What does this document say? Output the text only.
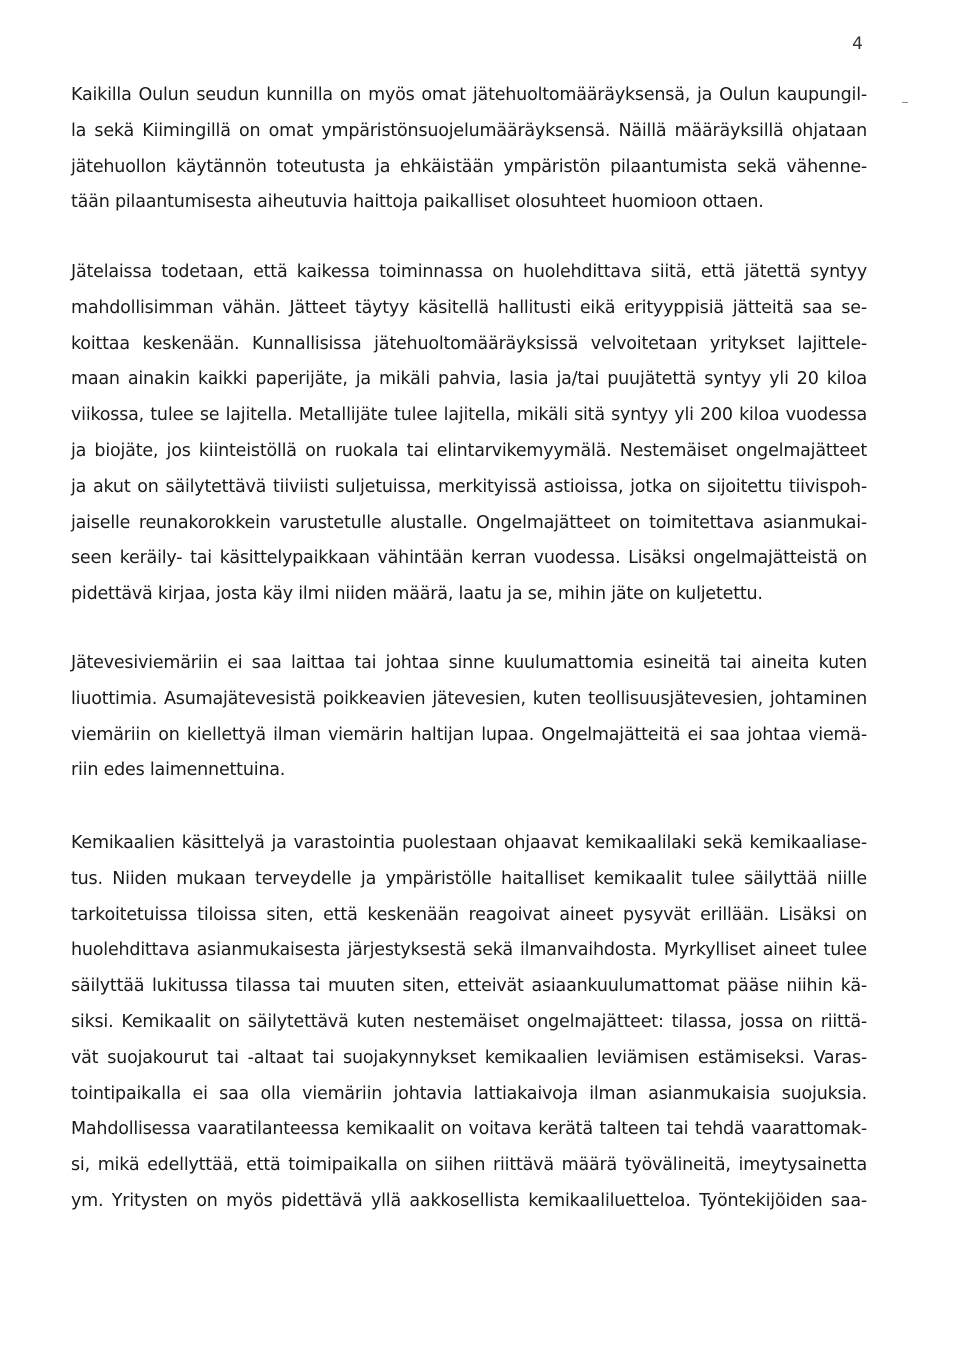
4
Kaikilla Oulun seudun kunnilla on myös omat jätehuoltomääräyksensä, ja Oulun kaupungil-
la sekä Kiimingillä on omat ympäristönsuojelumääräyksensä. Näillä määräyksillä ohjataan
jätehuollon käytännön toteutusta ja ehkäistään ympäristön pilaantumista sekä vähenne-
tään pilaantumisesta aiheutuvia haittoja paikalliset olosuhteet huomioon ottaen.
Jätelaissa todetaan, että kaikessa toiminnassa on huolehdittava siitä, että jätettä syntyy
mahdollisimman vähän. Jätteet täytyy käsitellä hallitusti eikä erityyppisiä jätteitä saa se-
koittaa keskenään. Kunnallisissa jätehuoltomääräyksissä velvoitetaan yritykset lajittele-
maan ainakin kaikki paperijäte, ja mikäli pahvia, lasia ja/tai puujätettä syntyy yli 20 kiloa
viikossa, tulee se lajitella. Metallijäte tulee lajitella, mikäli sitä syntyy yli 200 kiloa vuodessa
ja biojäte, jos kiinteistöllä on ruokala tai elintarvikemyymälä. Nestemäiset ongelmajätteet
ja akut on säilytettävä tiiviisti suljetuissa, merkityissä astioissa, jotka on sijoitettu tiivispoh-
jaiselle reunakorokkein varustetulle alustalle. Ongelmajätteet on toimitettava asianmukai-
seen keräily- tai käsittelypaikkaan vähintään kerran vuodessa. Lisäksi ongelmajätteistä on
pidettävä kirjaa, josta käy ilmi niiden määrä, laatu ja se, mihin jäte on kuljetettu.
Jätevesiviemäriin ei saa laittaa tai johtaa sinne kuulumattomia esineitä tai aineita kuten
liuottimia. Asumajätevesistä poikkeavien jätevesien, kuten teollisuusjätevesien, johtaminen
viemäriin on kiellettyä ilman viemärin haltijan lupaa. Ongelmajätteitä ei saa johtaa viemä-
riin edes laimennettuina.
Kemikaalien käsittelyä ja varastointia puolestaan ohjaavat kemikaalilaki sekä kemikaaliase-
tus. Niiden mukaan terveydelle ja ympäristölle haitalliset kemikaalit tulee säilyttää niille
tarkoitetuissa tiloissa siten, että keskenään reagoivat aineet pysyvät erillään. Lisäksi on
huolehdittava asianmukaisesta järjestyksestä sekä ilmanvaihdosta. Myrkylliset aineet tulee
säilyttää lukitussa tilassa tai muuten siten, etteivät asiaankuulumattomat pääse niihin kä-
siksi. Kemikaalit on säilytettävä kuten nestemäiset ongelmajätteet: tilassa, jossa on riittä-
vät suojakourut tai -altaat tai suojakynnykset kemikaalien leviämisen estämiseksi. Varas-
tointipaikalla ei saa olla viemäriin johtavia lattiakaivoja ilman asianmukaisia suojuksia.
Mahdollisessa vaaratilanteessa kemikaalit on voitava kerätä talteen tai tehdä vaarattomak-
si, mikä edellyttää, että toimipaikalla on siihen riittävä määrä työvälineitä, imeytysainetta
ym. Yritysten on myös pidettävä yllä aakkosellista kemikaaliluetteloa. Työntekijöiden saa-
